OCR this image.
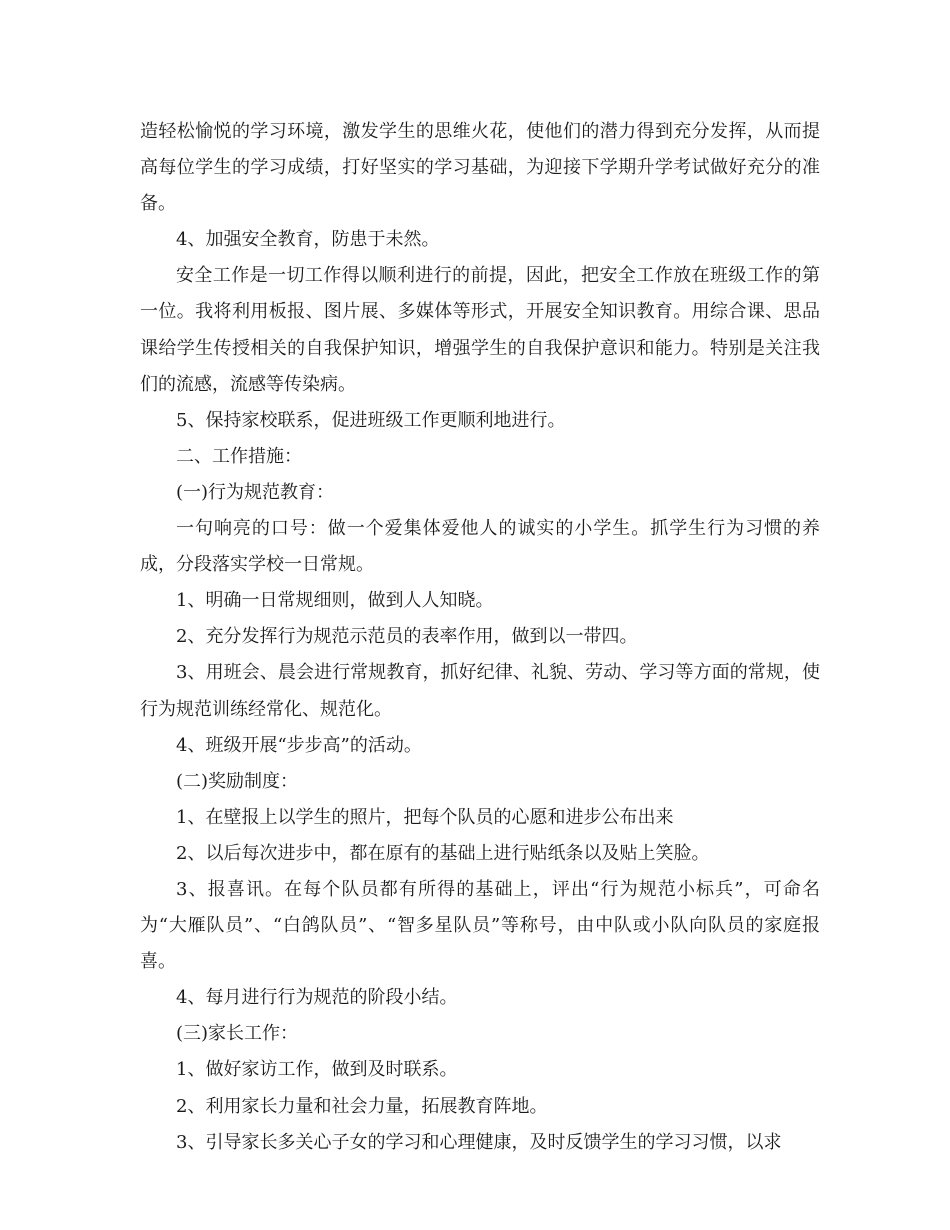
造轻松愉悦的学习环境，激发学生的思维火花，使他们的潜力得到充分发挥，从而提高每位学生的学习成绩，打好坚实的学习基础，为迎接下学期升学考试做好充分的准备。

4、加强安全教育，防患于未然。

安全工作是一切工作得以顺利进行的前提，因此，把安全工作放在班级工作的第一位。我将利用板报、图片展、多媒体等形式，开展安全知识教育。用综合课、思品课给学生传授相关的自我保护知识，增强学生的自我保护意识和能力。特别是关注我们的流感，流感等传染病。

5、保持家校联系，促进班级工作更顺利地进行。

二、工作措施：

(一)行为规范教育：

一句响亮的口号：做一个爱集体爱他人的诚实的小学生。抓学生行为习惯的养成，分段落实学校一日常规。

1、明确一日常规细则，做到人人知晓。

2、充分发挥行为规范示范员的表率作用，做到以一带四。

3、用班会、晨会进行常规教育，抓好纪律、礼貌、劳动、学习等方面的常规，使行为规范训练经常化、规范化。

4、班级开展“步步高”的活动。

(二)奖励制度：

1、在壁报上以学生的照片，把每个队员的心愿和进步公布出来

2、以后每次进步中，都在原有的基础上进行贴纸条以及贴上笑脸。

3、报喜讯。在每个队员都有所得的基础上，评出“行为规范小标兵”，可命名为“大雁队员”、“白鸽队员”、“智多星队员”等称号，由中队或小队向队员的家庭报喜。

4、每月进行行为规范的阶段小结。

(三)家长工作：

1、做好家访工作，做到及时联系。

2、利用家长力量和社会力量，拓展教育阵地。

3、引导家长多关心子女的学习和心理健康，及时反馈学生的学习习惯，以求
